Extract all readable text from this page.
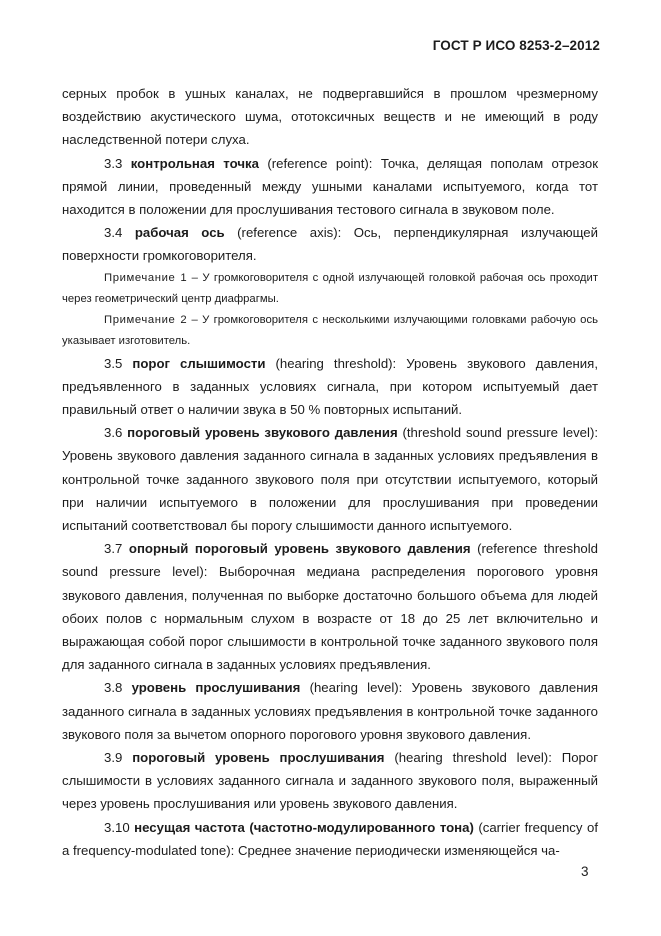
ГОСТ Р ИСО 8253-2–2012

серных пробок в ушных каналах, не подвергавшийся в прошлом чрезмерному воздействию акустического шума, ототоксичных веществ и не имеющий в роду наследственной потери слуха.

3.3 контрольная точка (reference point): Точка, делящая пополам отрезок прямой линии, проведенный между ушными каналами испытуемого, когда тот находится в положении для прослушивания тестового сигнала в звуковом поле.

3.4 рабочая ось (reference axis): Ось, перпендикулярная излучающей поверхности громкоговорителя.

Примечание 1 – У громкоговорителя с одной излучающей головкой рабочая ось проходит через геометрический центр диафрагмы.

Примечание 2 – У громкоговорителя с несколькими излучающими головками рабочую ось указывает изготовитель.

3.5 порог слышимости (hearing threshold): Уровень звукового давления, предъявленного в заданных условиях сигнала, при котором испытуемый дает правильный ответ о наличии звука в 50 % повторных испытаний.

3.6 пороговый уровень звукового давления (threshold sound pressure level): Уровень звукового давления заданного сигнала в заданных условиях предъявления в контрольной точке заданного звукового поля при отсутствии испытуемого, который при наличии испытуемого в положении для прослушивания при проведении испытаний соответствовал бы порогу слышимости данного испытуемого.

3.7 опорный пороговый уровень звукового давления (reference threshold sound pressure level): Выборочная медиана распределения порогового уровня звукового давления, полученная по выборке достаточно большого объема для людей обоих полов с нормальным слухом в возрасте от 18 до 25 лет включительно и выражающая собой порог слышимости в контрольной точке заданного звукового поля для заданного сигнала в заданных условиях предъявления.

3.8 уровень прослушивания (hearing level): Уровень звукового давления заданного сигнала в заданных условиях предъявления в контрольной точке заданного звукового поля за вычетом опорного порогового уровня звукового давления.

3.9 пороговый уровень прослушивания (hearing threshold level): Порог слышимости в условиях заданного сигнала и заданного звукового поля, выраженный через уровень прослушивания или уровень звукового давления.

3.10 несущая частота (частотно-модулированного тона) (carrier frequency of a frequency-modulated tone): Среднее значение периодически изменяющейся ча-

3
